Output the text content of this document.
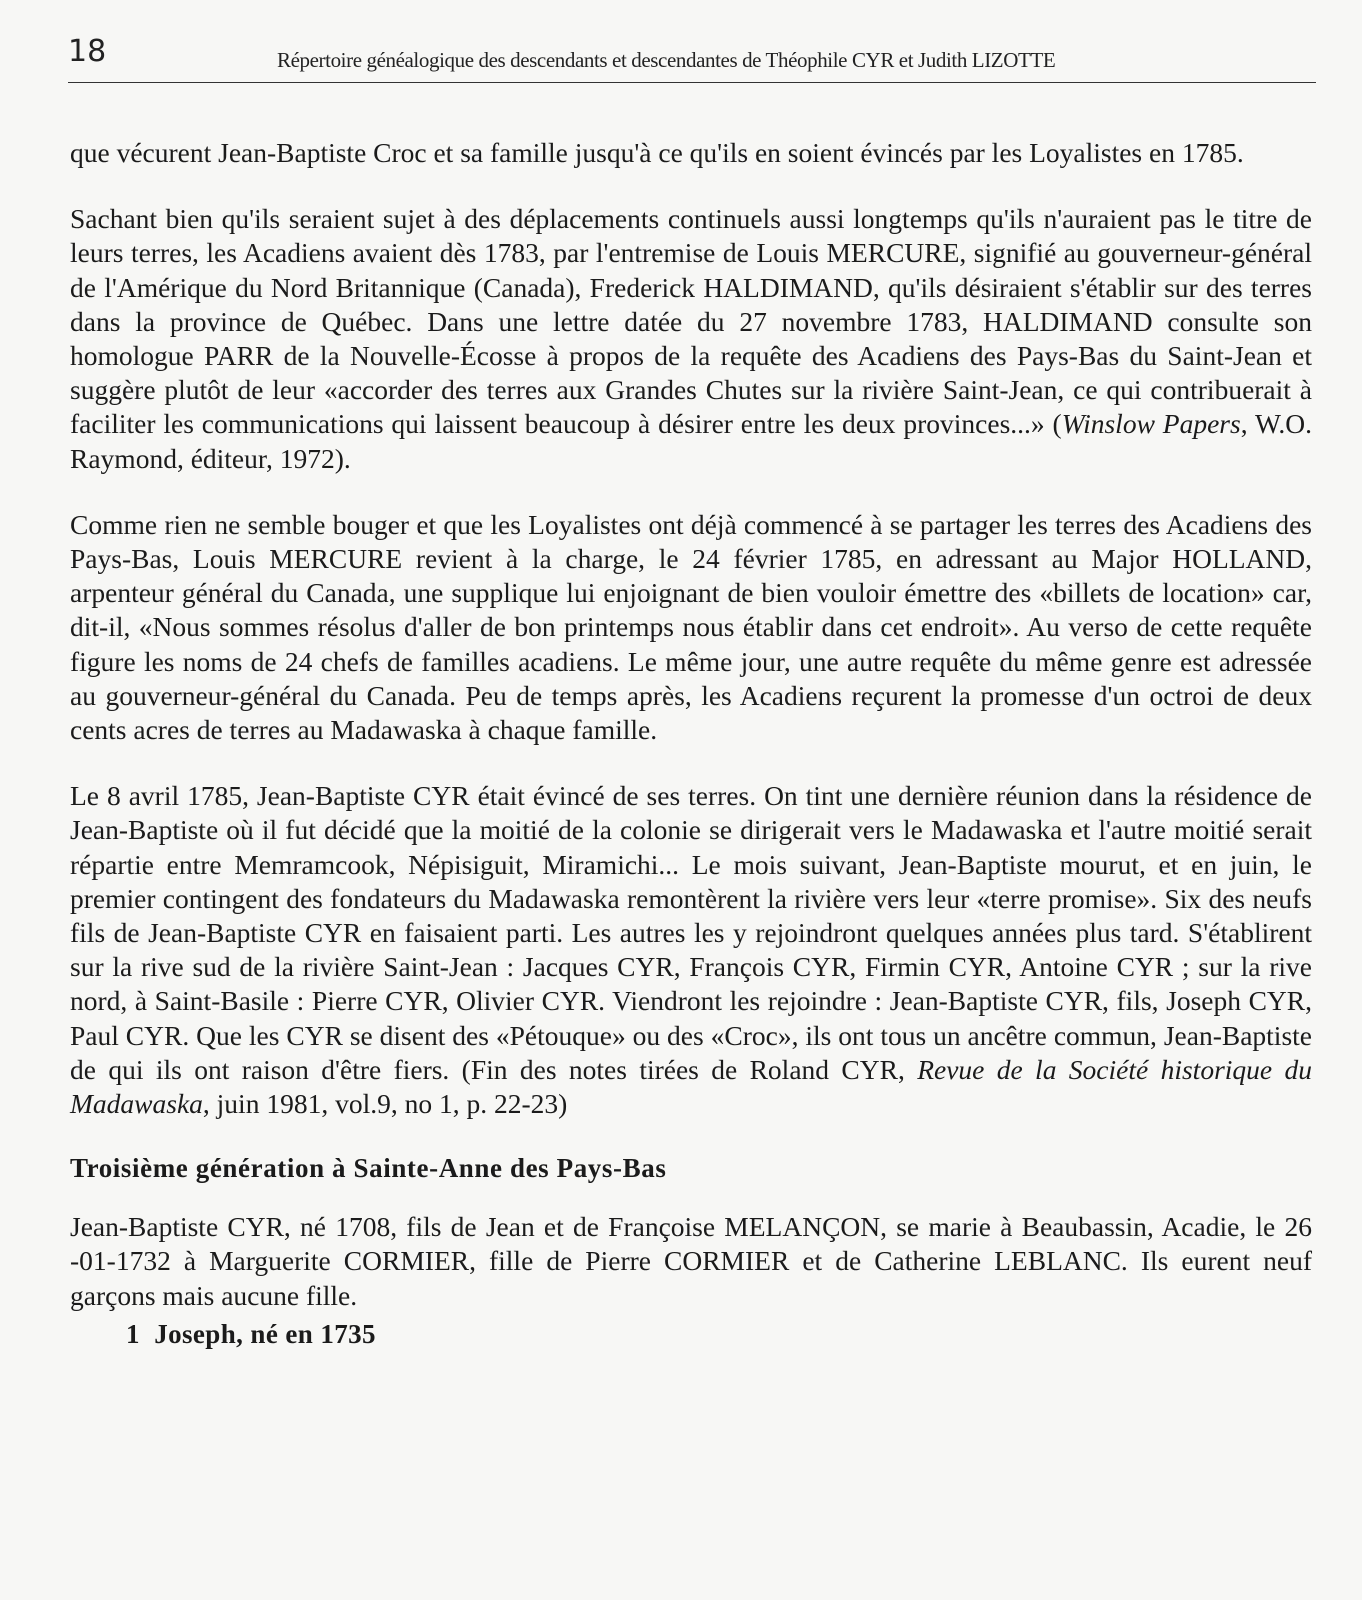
18	Répertoire généalogique des descendants et descendantes de Théophile CYR et Judith LIZOTTE

que vécurent Jean-Baptiste Croc et sa famille jusqu'à ce qu'ils en soient évincés par les Loyalistes en 1785.

Sachant bien qu'ils seraient sujet à des déplacements continuels aussi longtemps qu'ils n'auraient pas le titre de leurs terres, les Acadiens avaient dès 1783, par l'entremise de Louis MERCURE, signifié au gouverneur-général de l'Amérique du Nord Britannique (Canada), Frederick HALDIMAND, qu'ils désiraient s'établir sur des terres dans la province de Québec. Dans une lettre datée du 27 novembre 1783, HALDIMAND consulte son homologue PARR de la Nouvelle-Écosse à propos de la requête des Acadiens des Pays-Bas du Saint-Jean et suggère plutôt de leur «accorder des terres aux Grandes Chutes sur la rivière Saint-Jean, ce qui contribuerait à faciliter les communications qui laissent beaucoup à désirer entre les deux provinces...» (Winslow Papers, W.O. Raymond, éditeur, 1972).

Comme rien ne semble bouger et que les Loyalistes ont déjà commencé à se partager les terres des Acadiens des Pays-Bas, Louis MERCURE revient à la charge, le 24 février 1785, en adressant au Major HOLLAND, arpenteur général du Canada, une supplique lui enjoignant de bien vouloir émettre des «billets de location» car, dit-il, «Nous sommes résolus d'aller de bon printemps nous établir dans cet endroit». Au verso de cette requête figure les noms de 24 chefs de familles acadiens. Le même jour, une autre requête du même genre est adressée au gouverneur-général du Canada. Peu de temps après, les Acadiens reçurent la promesse d'un octroi de deux cents acres de terres au Madawaska à chaque famille.

Le 8 avril 1785, Jean-Baptiste CYR était évincé de ses terres. On tint une dernière réunion dans la résidence de Jean-Baptiste où il fut décidé que la moitié de la colonie se dirigerait vers le Madawaska et l'autre moitié serait répartie entre Memramcook, Népisiguit, Miramichi... Le mois suivant, Jean-Baptiste mourut, et en juin, le premier contingent des fondateurs du Madawaska remontèrent la rivière vers leur «terre promise». Six des neufs fils de Jean-Baptiste CYR en faisaient parti. Les autres les y rejoindront quelques années plus tard. S'établirent sur la rive sud de la rivière Saint-Jean : Jacques CYR, François CYR, Firmin CYR, Antoine CYR ; sur la rive nord, à Saint-Basile : Pierre CYR, Olivier CYR. Viendront les rejoindre : Jean-Baptiste CYR, fils, Joseph CYR, Paul CYR. Que les CYR se disent des «Pétouque» ou des «Croc», ils ont tous un ancêtre commun, Jean-Baptiste de qui ils ont raison d'être fiers. (Fin des notes tirées de Roland CYR, Revue de la Société historique du Madawaska, juin 1981, vol.9, no 1, p. 22-23)

Troisième génération à Sainte-Anne des Pays-Bas

Jean-Baptiste CYR, né 1708, fils de Jean et de Françoise MELANÇON, se marie à Beaubassin, Acadie, le 26 -01-1732 à Marguerite CORMIER, fille de Pierre CORMIER et de Catherine LEBLANC. Ils eurent neuf garçons mais aucune fille.

1  Joseph, né en 1735
